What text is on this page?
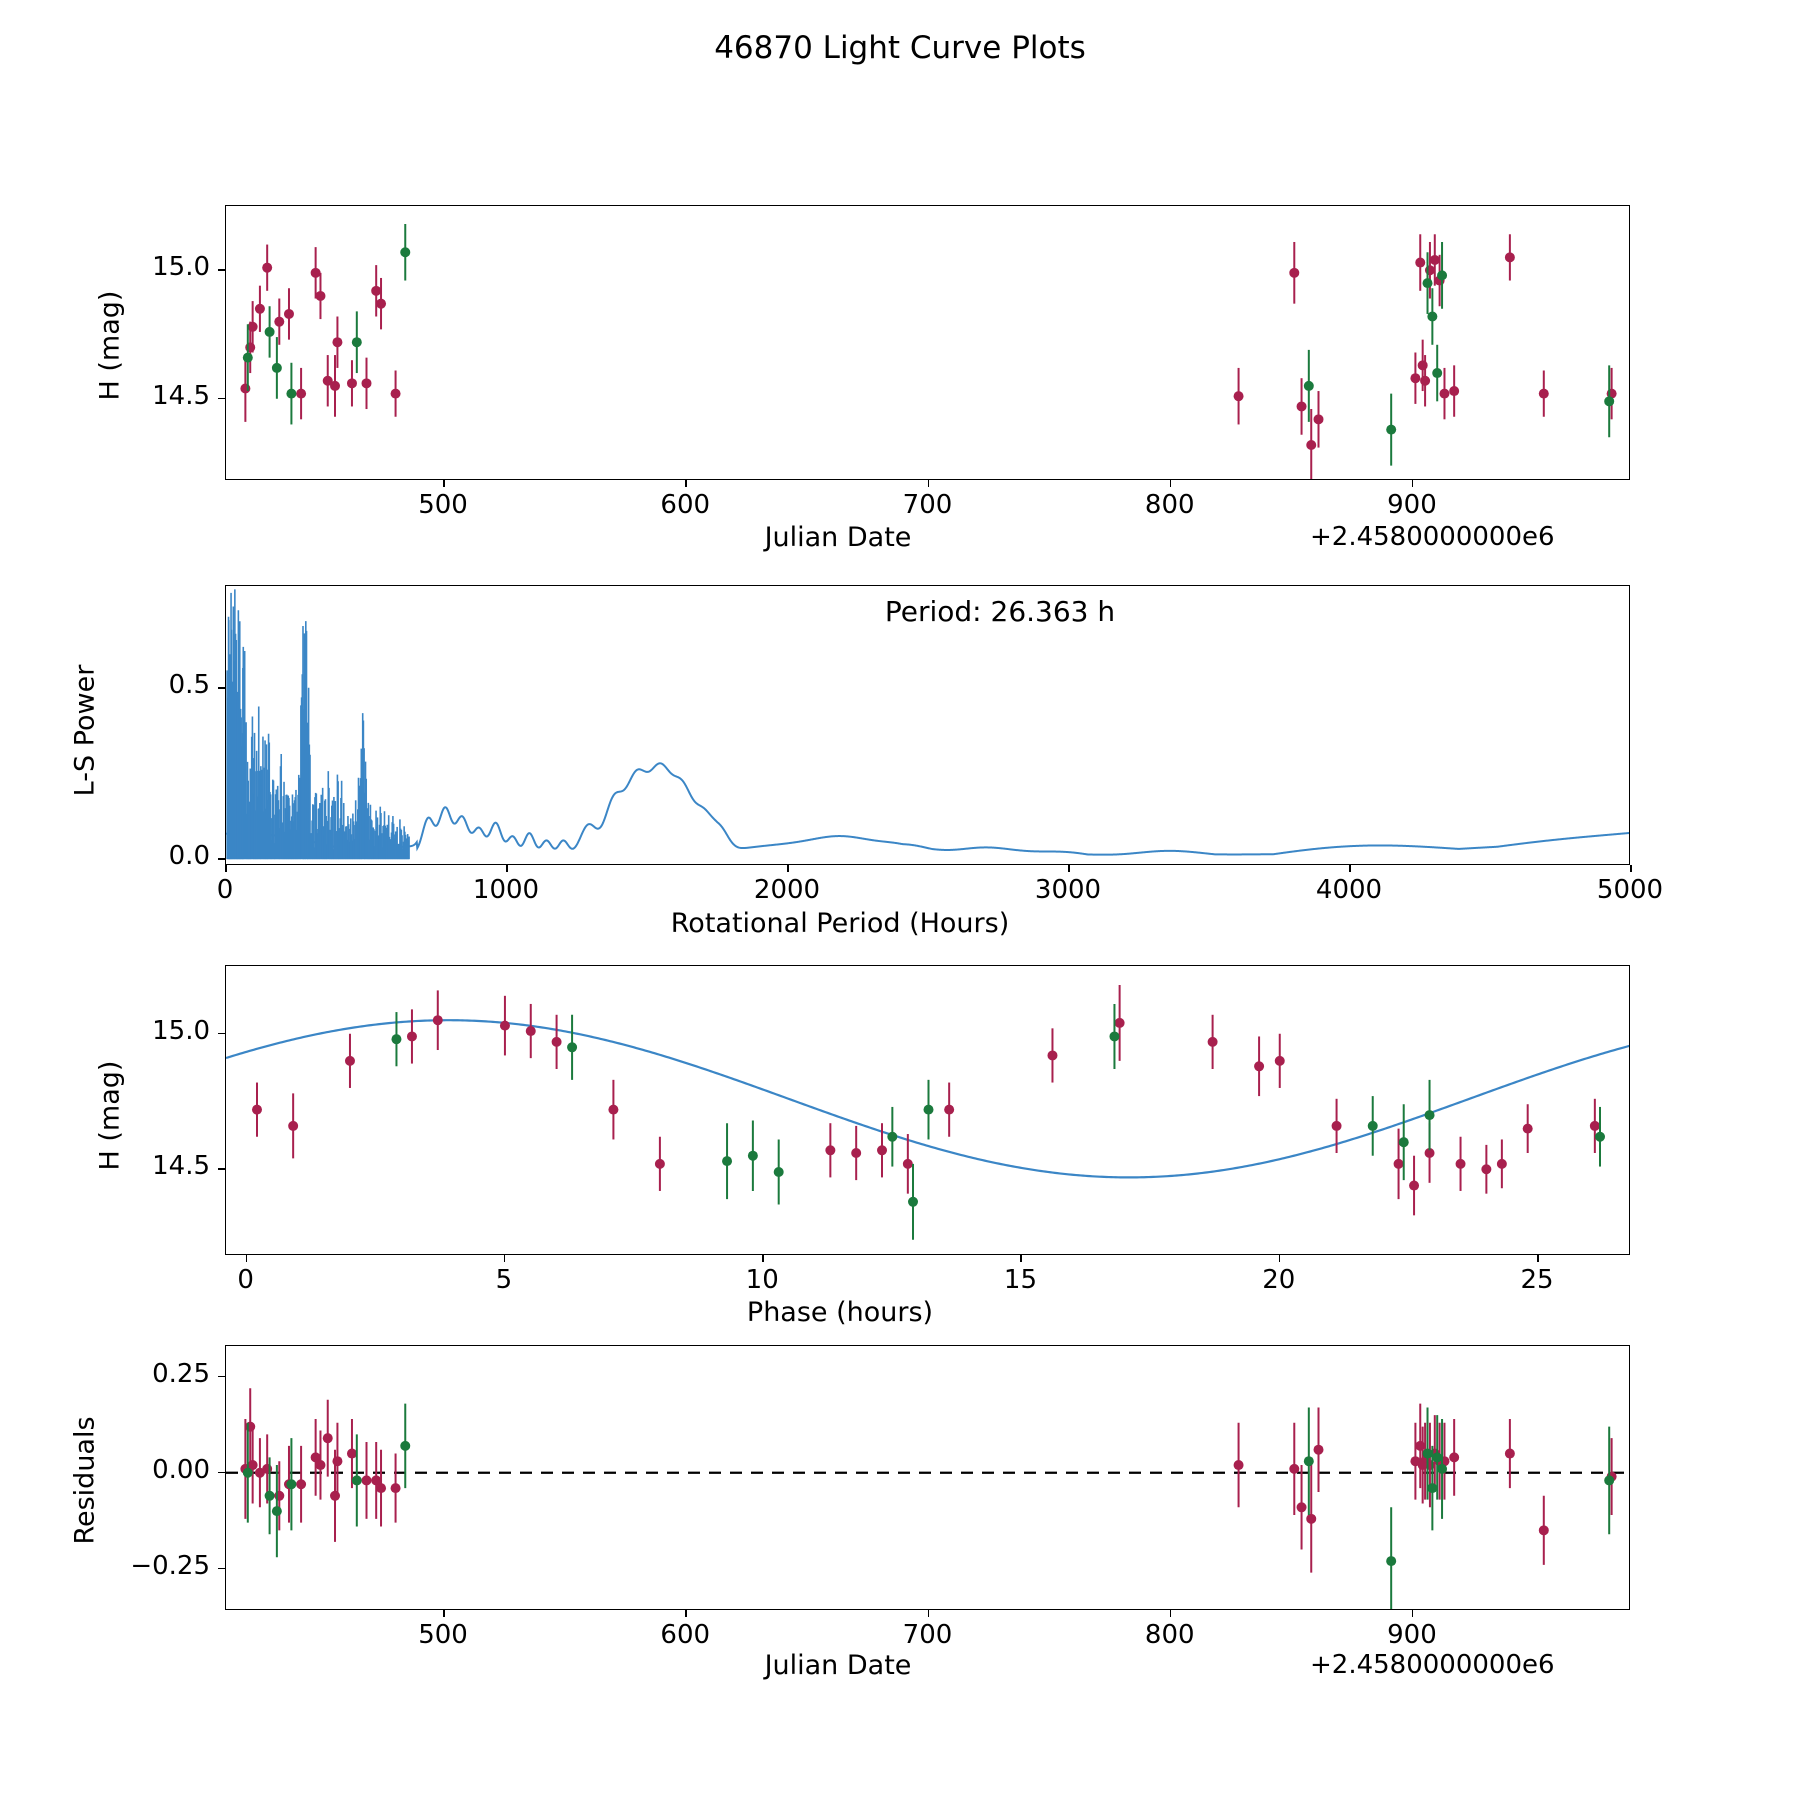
46870 Light Curve Plots
H (mag)
Julian Date	+2.4580000000e6
500	600	700	800	900
14.5
15.0
Period: 26.363 h
L-S Power
Rotational Period (Hours)
0	1000	2000	3000	4000	5000
0.0
0.5
H (mag)
Phase (hours)
0	5	10	15	20	25
14.5
15.0
Residuals
Julian Date	+2.4580000000e6
500	600	700	800	900
−0.25
0.00
0.25
